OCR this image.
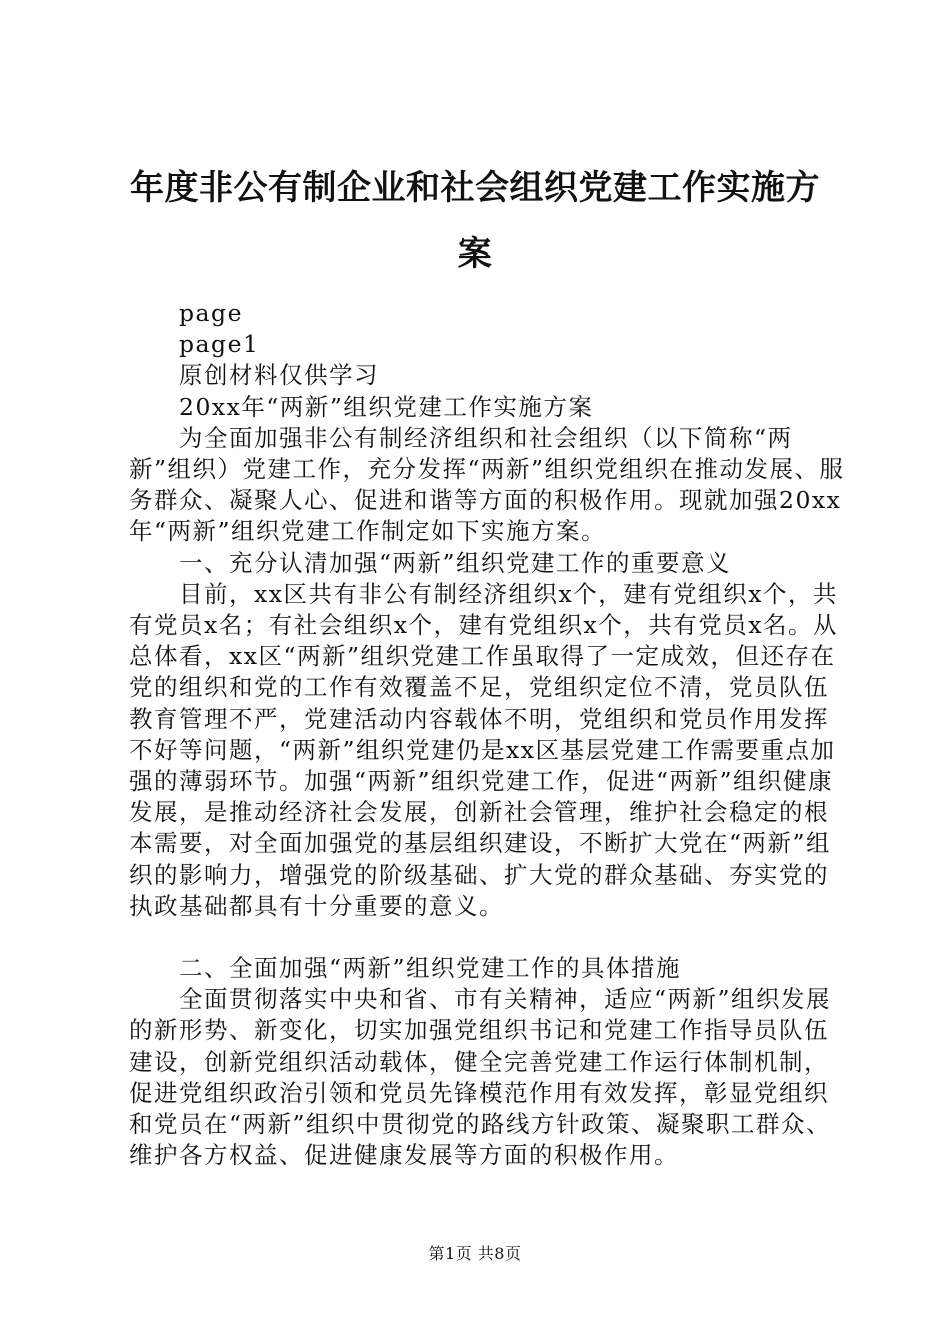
年度非公有制企业和社会组织党建工作实施方案

page

page1

原创材料仅供学习

20xx年“两新”组织党建工作实施方案

为全面加强非公有制经济组织和社会组织（以下简称“两新”组织）党建工作，充分发挥“两新”组织党组织在推动发展、服务群众、凝聚人心、促进和谐等方面的积极作用。现就加强20xx年“两新”组织党建工作制定如下实施方案。

一、充分认清加强“两新”组织党建工作的重要意义

目前，xx区共有非公有制经济组织x个，建有党组织x个，共有党员x名；有社会组织x个，建有党组织x个，共有党员x名。从总体看，xx区“两新”组织党建工作虽取得了一定成效，但还存在党的组织和党的工作有效覆盖不足，党组织定位不清，党员队伍教育管理不严，党建活动内容载体不明，党组织和党员作用发挥不好等问题，“两新”组织党建仍是xx区基层党建工作需要重点加强的薄弱环节。加强“两新”组织党建工作，促进“两新”组织健康发展，是推动经济社会发展，创新社会管理，维护社会稳定的根本需要，对全面加强党的基层组织建设，不断扩大党在“两新”组织的影响力，增强党的阶级基础、扩大党的群众基础、夯实党的执政基础都具有十分重要的意义。

二、全面加强“两新”组织党建工作的具体措施

全面贯彻落实中央和省、市有关精神，适应“两新”组织发展的新形势、新变化，切实加强党组织书记和党建工作指导员队伍建设，创新党组织活动载体，健全完善党建工作运行体制机制，促进党组织政治引领和党员先锋模范作用有效发挥，彰显党组织和党员在“两新”组织中贯彻党的路线方针政策、凝聚职工群众、维护各方权益、促进健康发展等方面的积极作用。

第1页 共8页
